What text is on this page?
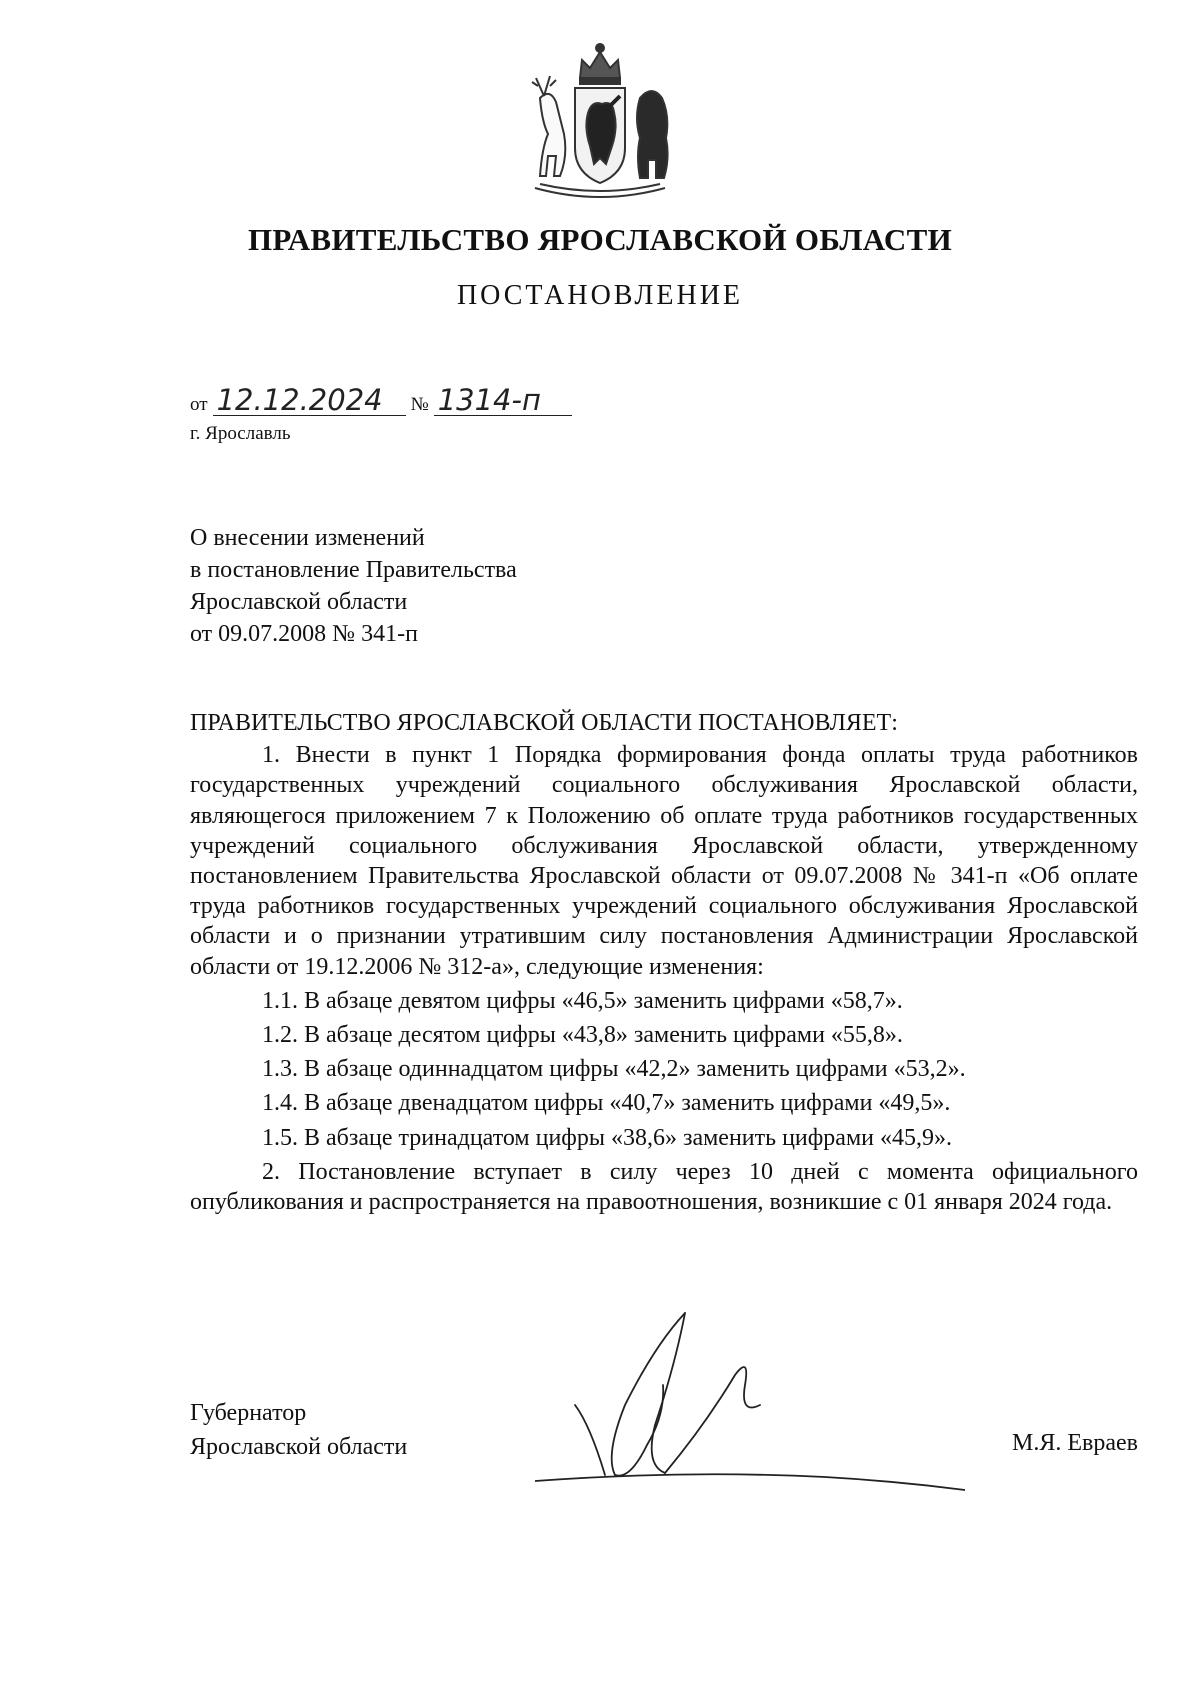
ПРАВИТЕЛЬСТВО ЯРОСЛАВСКОЙ ОБЛАСТИ
ПОСТАНОВЛЕНИЕ
от 12.12.2024 № 1314-п
г. Ярославль
О внесении изменений
в постановление Правительства
Ярославской области
от 09.07.2008 № 341-п
ПРАВИТЕЛЬСТВО ЯРОСЛАВСКОЙ ОБЛАСТИ ПОСТАНОВЛЯЕТ:

1. Внести в пункт 1 Порядка формирования фонда оплаты труда работников государственных учреждений социального обслуживания Ярославской области, являющегося приложением 7 к Положению об оплате труда работников государственных учреждений социального обслуживания Ярославской области, утвержденному постановлением Правительства Ярославской области от 09.07.2008 № 341-п «Об оплате труда работников государственных учреждений социального обслуживания Ярославской области и о признании утратившим силу постановления Администрации Ярославской области от 19.12.2006 № 312-а», следующие изменения:

1.1. В абзаце девятом цифры «46,5» заменить цифрами «58,7».

1.2. В абзаце десятом цифры «43,8» заменить цифрами «55,8».

1.3. В абзаце одиннадцатом цифры «42,2» заменить цифрами «53,2».

1.4. В абзаце двенадцатом цифры «40,7» заменить цифрами «49,5».

1.5. В абзаце тринадцатом цифры «38,6» заменить цифрами «45,9».

2. Постановление вступает в силу через 10 дней с момента официального опубликования и распространяется на правоотношения, возникшие с 01 января 2024 года.

Губернатор
Ярославской области	М.Я. Евраев
